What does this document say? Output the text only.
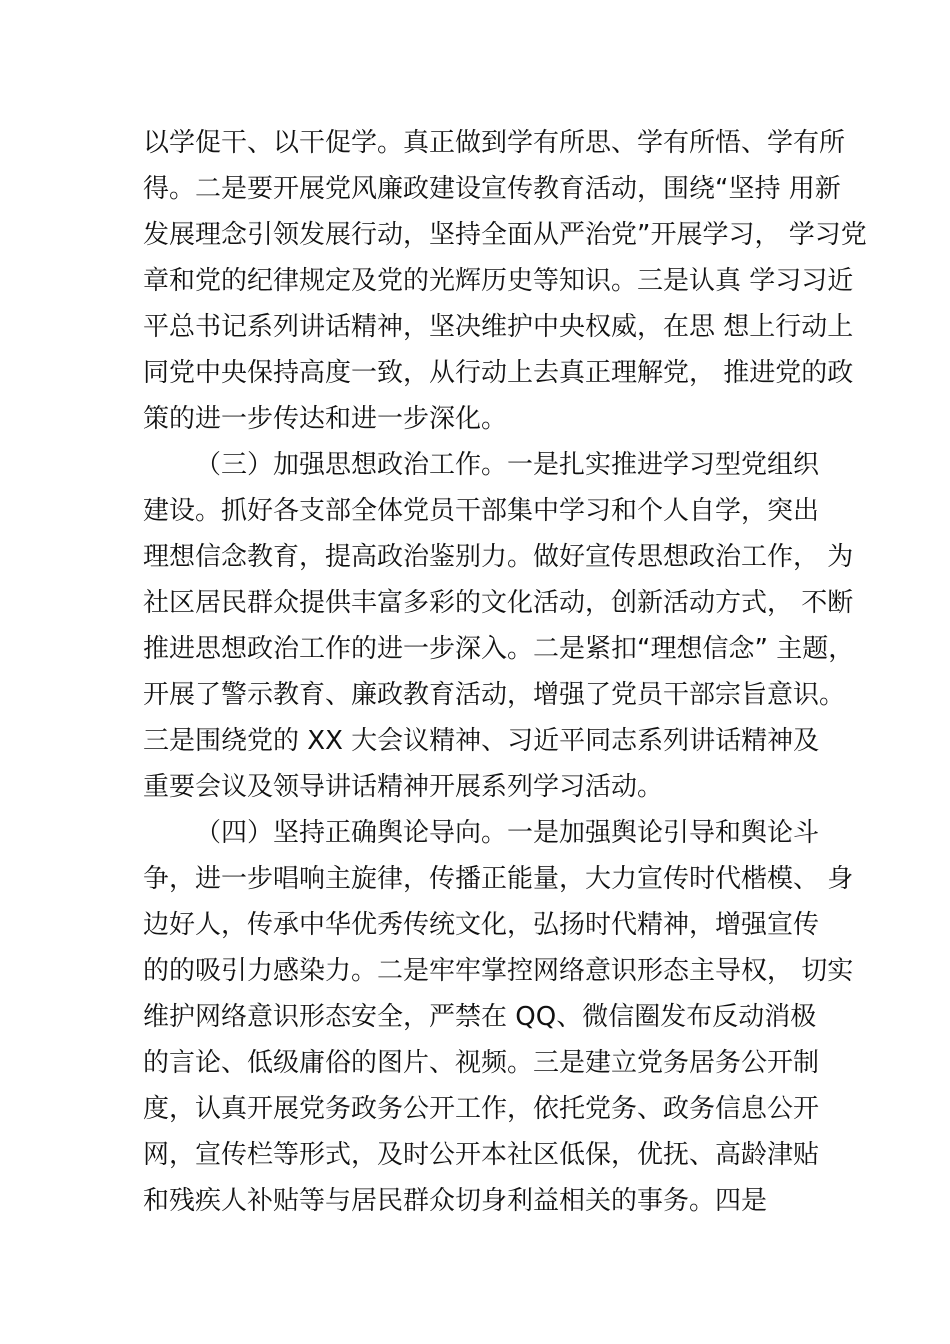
以学促干、以干促学。真正做到学有所思、学有所悟、学有所
得。二是要开展党风廉政建设宣传教育活动，围绕“坚持 用新
发展理念引领发展行动，坚持全面从严治党”开展学习， 学习党
章和党的纪律规定及党的光辉历史等知识。三是认真 学习习近
平总书记系列讲话精神，坚决维护中央权威，在思 想上行动上
同党中央保持高度一致，从行动上去真正理解党， 推进党的政
策的进一步传达和进一步深化。
（三）加强思想政治工作。一是扎实推进学习型党组织
建设。抓好各支部全体党员干部集中学习和个人自学，突出
理想信念教育，提高政治鉴别力。做好宣传思想政治工作， 为
社区居民群众提供丰富多彩的文化活动，创新活动方式， 不断
推进思想政治工作的进一步深入。二是紧扣“理想信念” 主题，
开展了警示教育、廉政教育活动，增强了党员干部宗旨意识。
三是围绕党的 XX 大会议精神、习近平同志系列讲话精神及
重要会议及领导讲话精神开展系列学习活动。
（四）坚持正确舆论导向。一是加强舆论引导和舆论斗
争，进一步唱响主旋律，传播正能量，大力宣传时代楷模、 身
边好人，传承中华优秀传统文化，弘扬时代精神，增强宣传
的的吸引力感染力。二是牢牢掌控网络意识形态主导权， 切实
维护网络意识形态安全，严禁在 QQ、微信圈发布反动消极
的言论、低级庸俗的图片、视频。三是建立党务居务公开制
度，认真开展党务政务公开工作，依托党务、政务信息公开
网，宣传栏等形式，及时公开本社区低保，优抚、高龄津贴
和残疾人补贴等与居民群众切身利益相关的事务。四是
